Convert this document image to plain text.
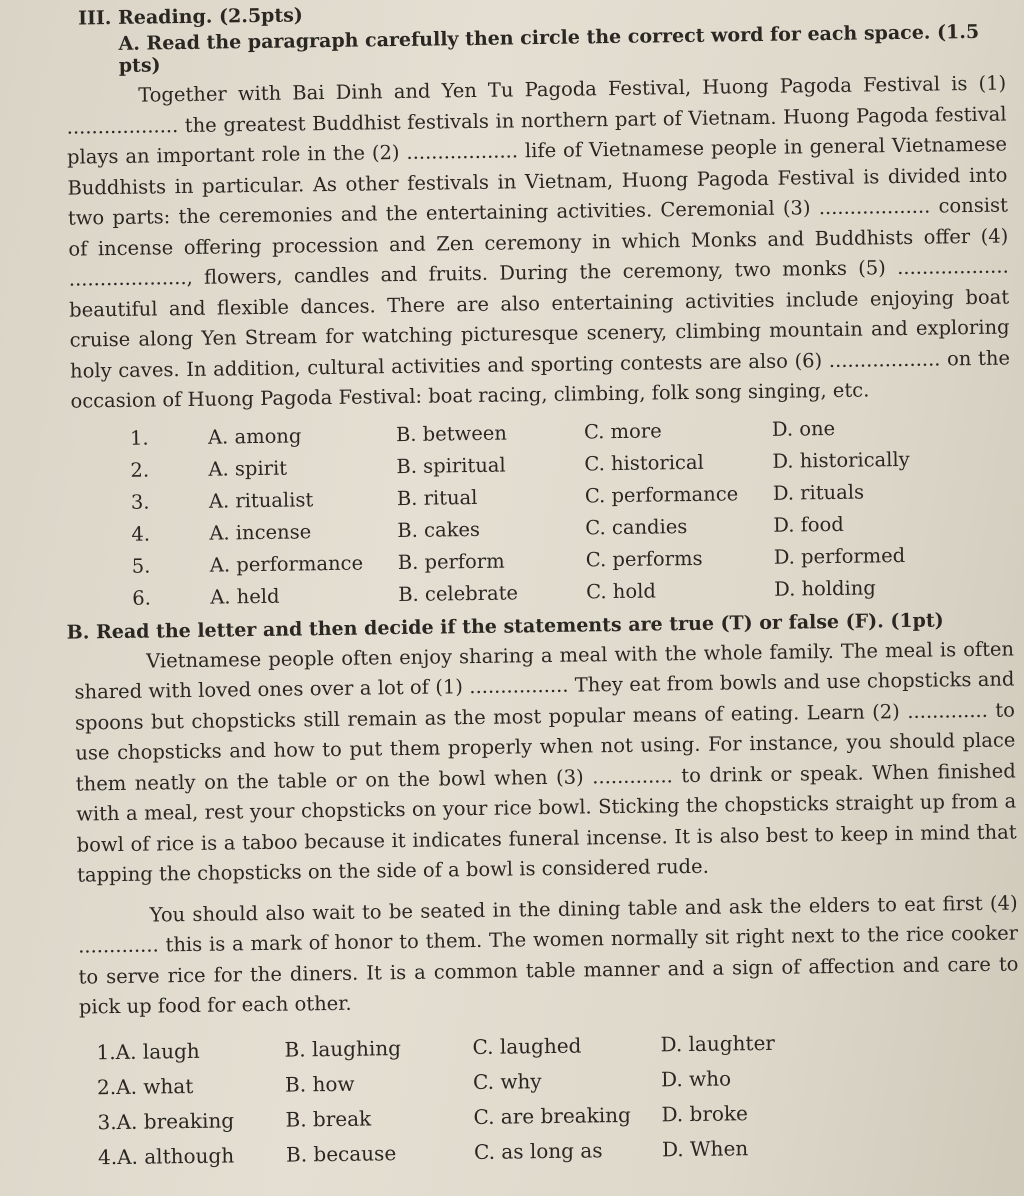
III. Reading. (2.5pts)
A. Read the paragraph carefully then circle the correct word for each space. (1.5 pts)

Together with Bai Dinh and Yen Tu Pagoda Festival, Huong Pagoda Festival is (1) .................. the greatest Buddhist festivals in northern part of Vietnam. Huong Pagoda festival plays an important role in the (2) .................. life of Vietnamese people in general Vietnamese Buddhists in particular. As other festivals in Vietnam, Huong Pagoda Festival is divided into two parts: the ceremonies and the entertaining activities. Ceremonial (3) .................. consist of incense offering procession and Zen ceremony in which Monks and Buddhists offer (4) ..................., flowers, candles and fruits. During the ceremony, two monks (5) .................. beautiful and flexible dances. There are also entertaining activities include enjoying boat cruise along Yen Stream for watching picturesque scenery, climbing mountain and exploring holy caves. In addition, cultural activities and sporting contests are also (6) .................. on the occasion of Huong Pagoda Festival: boat racing, climbing, folk song singing, etc.

1.	A. among	B. between	C. more	D. one
2.	A. spirit	B. spiritual	C. historical	D. historically
3.	A. ritualist	B. ritual	C. performance	D. rituals
4.	A. incense	B. cakes	C. candies	D. food
5.	A. performance	B. perform	C. performs	D. performed
6.	A. held	B. celebrate	C. hold	D. holding
B. Read the letter and then decide if the statements are true (T) or false (F). (1pt)

Vietnamese people often enjoy sharing a meal with the whole family. The meal is often shared with loved ones over a lot of (1) ................ They eat from bowls and use chopsticks and spoons but chopsticks still remain as the most popular means of eating. Learn (2) ............. to use chopsticks and how to put them properly when not using. For instance, you should place them neatly on the table or on the bowl when (3) ............. to drink or speak. When finished with a meal, rest your chopsticks on your rice bowl. Sticking the chopsticks straight up from a bowl of rice is a taboo because it indicates funeral incense. It is also best to keep in mind that tapping the chopsticks on the side of a bowl is considered rude.

You should also wait to be seated in the dining table and ask the elders to eat first (4) ............. this is a mark of honor to them. The women normally sit right next to the rice cooker to serve rice for the diners. It is a common table manner and a sign of affection and care to pick up food for each other.

1.A. laugh	B. laughing	C. laughed	D. laughter
2.A. what	B. how	C. why	D. who
3.A. breaking	B. break	C. are breaking	D. broke
4.A. although	B. because	C. as long as	D. When
